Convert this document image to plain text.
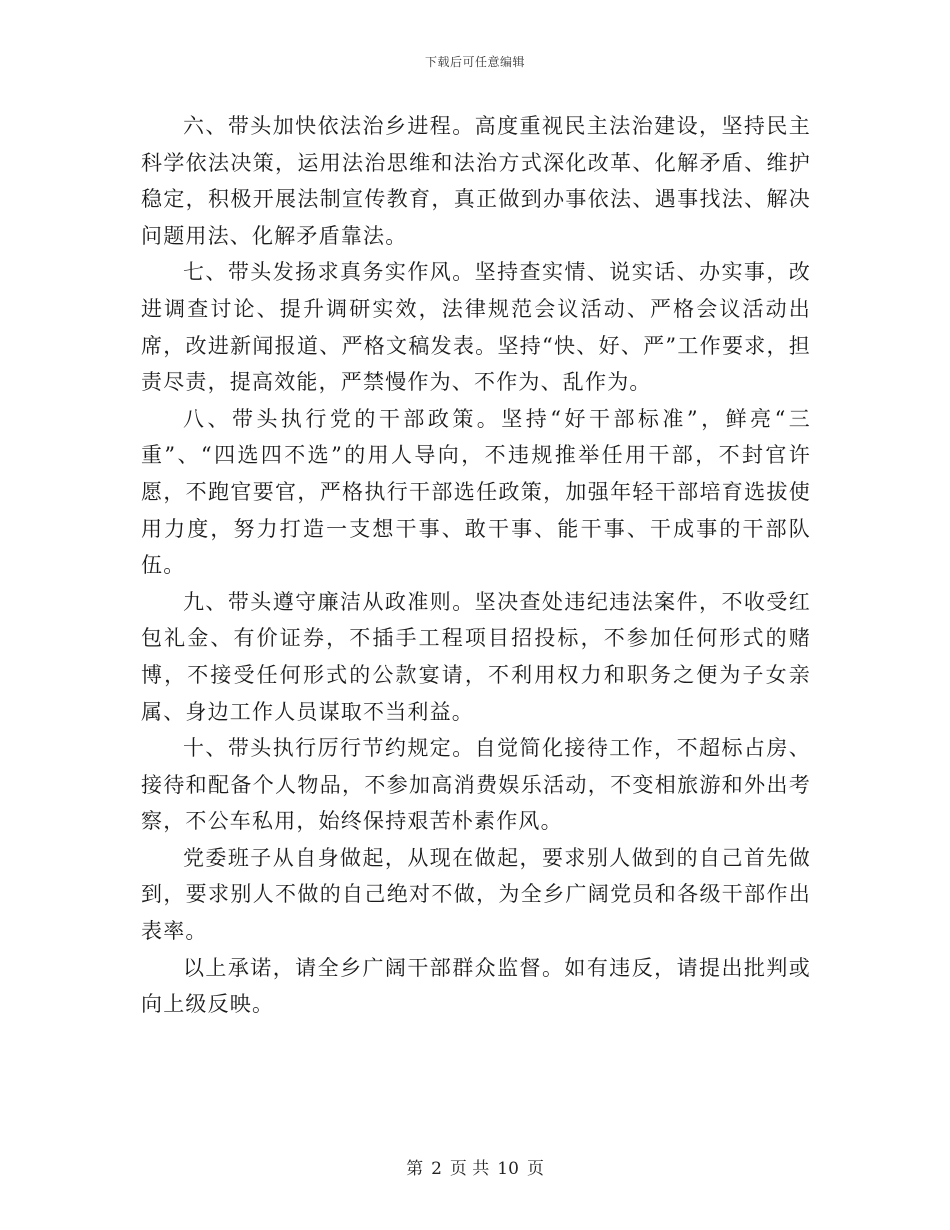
下载后可任意编辑

六、带头加快依法治乡进程。高度重视民主法治建设，坚持民主科学依法决策，运用法治思维和法治方式深化改革、化解矛盾、维护稳定，积极开展法制宣传教育，真正做到办事依法、遇事找法、解决问题用法、化解矛盾靠法。

七、带头发扬求真务实作风。坚持查实情、说实话、办实事，改进调查讨论、提升调研实效，法律规范会议活动、严格会议活动出席，改进新闻报道、严格文稿发表。坚持“快、好、严”工作要求，担责尽责，提高效能，严禁慢作为、不作为、乱作为。

八、带头执行党的干部政策。坚持“好干部标准”，鲜亮“三重”、“四选四不选”的用人导向，不违规推举任用干部，不封官许愿，不跑官要官，严格执行干部选任政策，加强年轻干部培育选拔使用力度，努力打造一支想干事、敢干事、能干事、干成事的干部队伍。

九、带头遵守廉洁从政准则。坚决查处违纪违法案件，不收受红包礼金、有价证券，不插手工程项目招投标，不参加任何形式的赌博，不接受任何形式的公款宴请，不利用权力和职务之便为子女亲属、身边工作人员谋取不当利益。

十、带头执行厉行节约规定。自觉简化接待工作，不超标占房、接待和配备个人物品，不参加高消费娱乐活动，不变相旅游和外出考察，不公车私用，始终保持艰苦朴素作风。

党委班子从自身做起，从现在做起，要求别人做到的自己首先做到，要求别人不做的自己绝对不做，为全乡广阔党员和各级干部作出表率。

以上承诺，请全乡广阔干部群众监督。如有违反，请提出批判或向上级反映。

第 2 页 共 10 页
